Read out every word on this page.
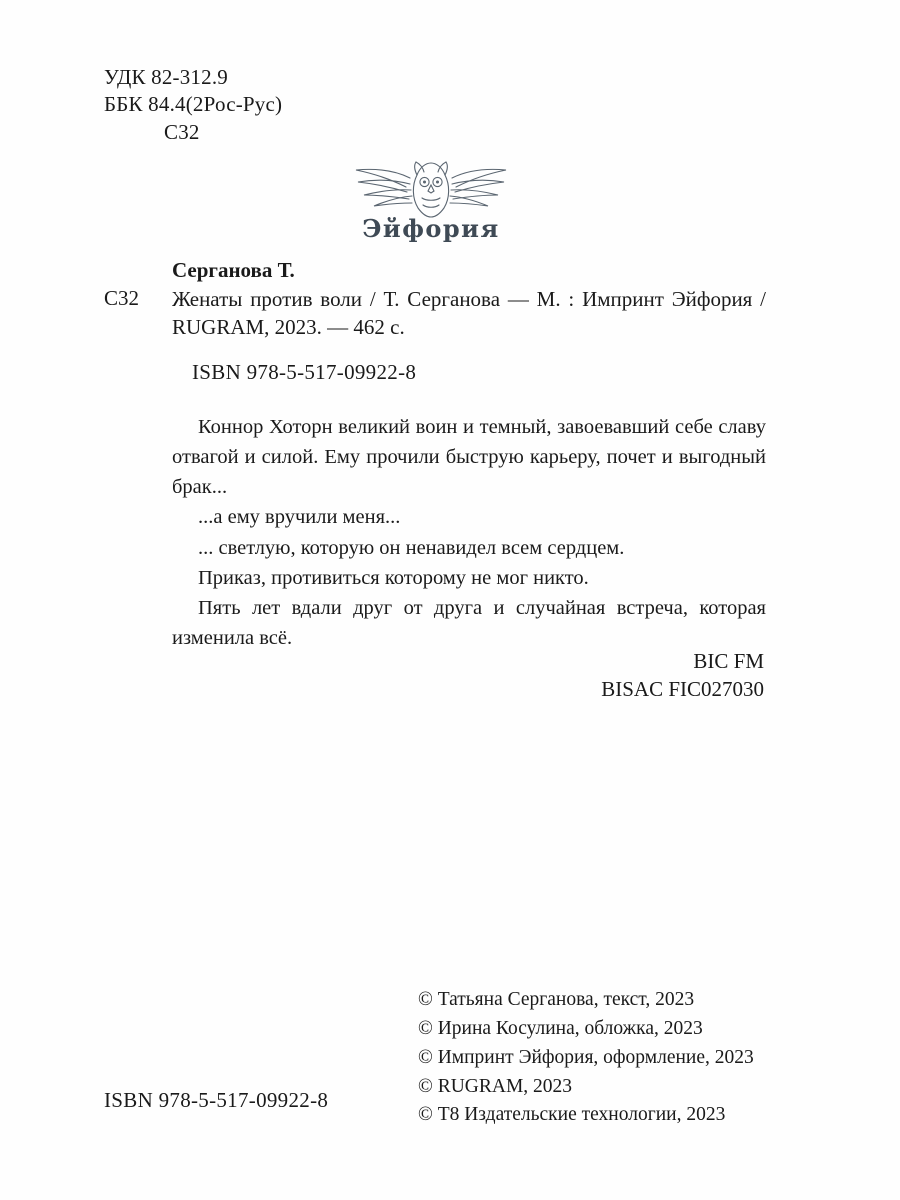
УДК 82-312.9
ББК 84.4(2Рос-Рус)
С32
Эйфория
Серганова Т.
С32 Женаты против воли / Т. Серганова — М. : Импринт Эйфория / RUGRAM, 2023. — 462 с.
ISBN 978-5-517-09922-8

Коннор Хоторн великий воин и темный, завоевавший себе славу отвагой и силой. Ему прочили быструю карьеру, почет и выгодный брак...

...а ему вручили меня...

... светлую, которую он ненавидел всем сердцем.

Приказ, противиться которому не мог никто.

Пять лет вдали друг от друга и случайная встреча, которая изменила всё.

BIC FM
BISAC FIC027030
© Татьяна Серганова, текст, 2023
© Ирина Косулина, обложка, 2023
© Импринт Эйфория, оформление, 2023
© RUGRAM, 2023
© Т8 Издательские технологии, 2023
ISBN 978-5-517-09922-8
